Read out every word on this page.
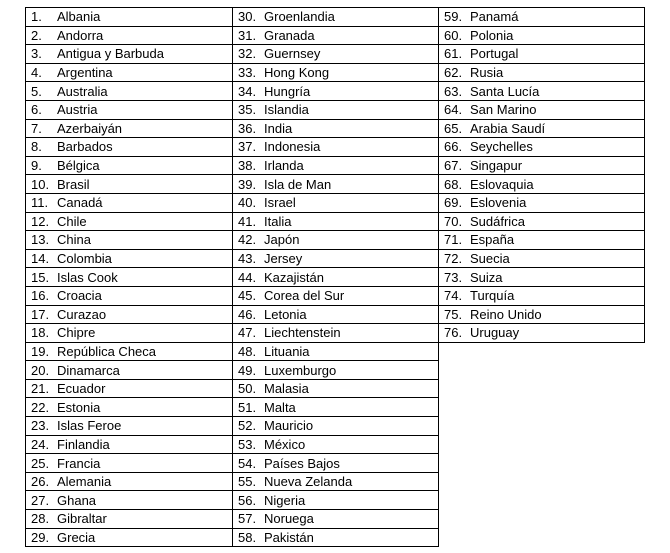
1. Albania	30. Groenlandia	59. Panamá
2. Andorra	31. Granada	60. Polonia
3. Antigua y Barbuda	32. Guernsey	61. Portugal
4. Argentina	33. Hong Kong	62. Rusia
5. Australia	34. Hungría	63. Santa Lucía
6. Austria	35. Islandia	64. San Marino
7. Azerbaiyán	36. India	65. Arabia Saudí
8. Barbados	37. Indonesia	66. Seychelles
9. Bélgica	38. Irlanda	67. Singapur
10. Brasil	39. Isla de Man	68. Eslovaquia
11. Canadá	40. Israel	69. Eslovenia
12. Chile	41. Italia	70. Sudáfrica
13. China	42. Japón	71. España
14. Colombia	43. Jersey	72. Suecia
15. Islas Cook	44. Kazajistán	73. Suiza
16. Croacia	45. Corea del Sur	74. Turquía
17. Curazao	46. Letonia	75. Reino Unido
18. Chipre	47. Liechtenstein	76. Uruguay
19. República Checa	48. Lituania	
20. Dinamarca	49. Luxemburgo	
21. Ecuador	50. Malasia	
22. Estonia	51. Malta	
23. Islas Feroe	52. Mauricio	
24. Finlandia	53. México	
25. Francia	54. Países Bajos	
26. Alemania	55. Nueva Zelanda	
27. Ghana	56. Nigeria	
28. Gibraltar	57. Noruega	
29. Grecia	58. Pakistán	
